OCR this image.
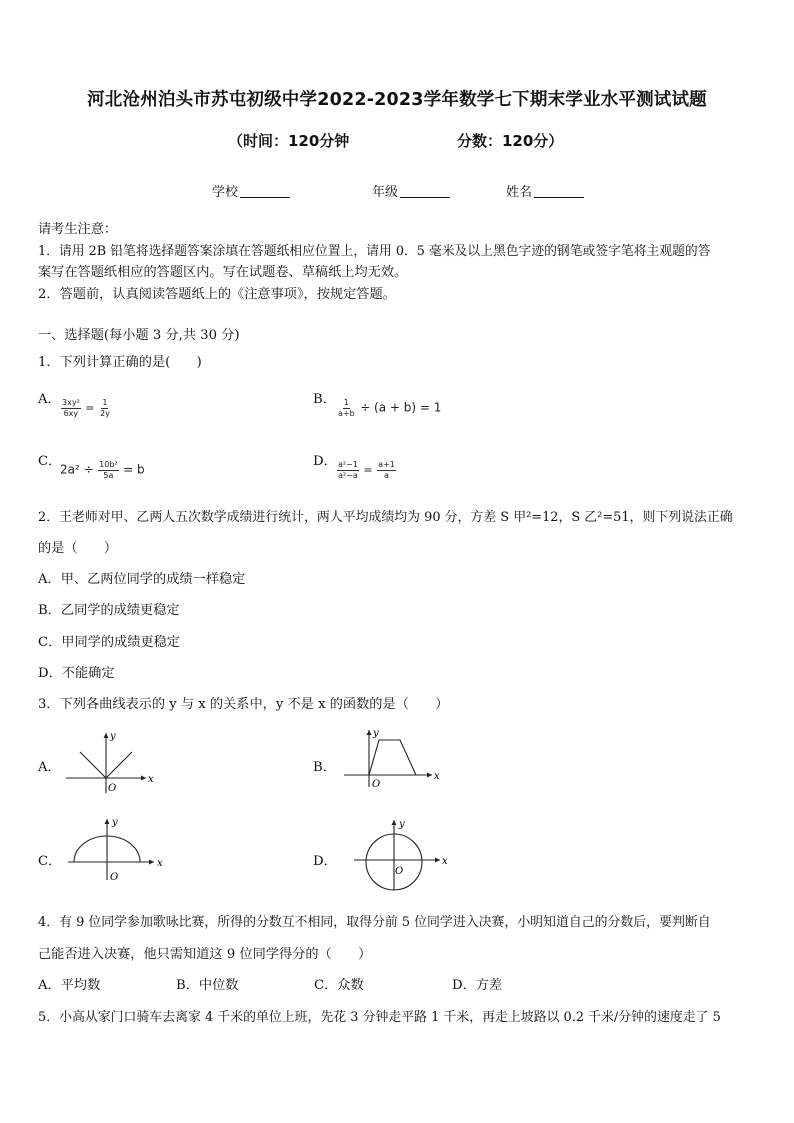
河北沧州泊头市苏屯初级中学2022-2023学年数学七下期末学业水平测试试题
（时间：120分钟	分数：120分）
学校	年级	姓名
请考生注意：
1．请用 2B 铅笔将选择题答案涂填在答题纸相应位置上，请用 0．5 毫米及以上黑色字迹的钢笔或签字笔将主观题的答
案写在答题纸相应的答题区内。写在试题卷、草稿纸上均无效。
2．答题前，认真阅读答题纸上的《注意事项》，按规定答题。
一、选择题(每小题 3 分,共 30 分)
1．下列计算正确的是(　　)
A． $\frac{\text{3xy²}}{6xy} = \frac{1}{2y}$	B． $\frac{1}{a+b} \div (a + b) = 1$
C．
$2a^2 \div \frac{\text{10b²}}{5a} = b$
D． $\frac{\text{a²−1}}{\text{a²−a}} = \frac{a+1}{a}$
2．王老师对甲、乙两人五次数学成绩进行统计，两人平均成绩均为 90 分，方差 S 甲²=12，S 乙²=51，则下列说法正确
的是（　　）
A．甲、乙两位同学的成绩一样稳定
B．乙同学的成绩更稳定
C．甲同学的成绩更稳定
D．不能确定
3．下列各曲线表示的 y 与 x 的关系中，y 不是 x 的函数的是（　　）
A．
x
y
O
B．
x
y
O
C．	x
y
O
D．	x
y
O
4．有 9 位同学参加歌咏比赛，所得的分数互不相同，取得分前 5 位同学进入决赛，小明知道自己的分数后，要判断自
己能否进入决赛，他只需知道这 9 位同学得分的（　　）
A．平均数	B．中位数	C．众数	D．方差
5．小高从家门口骑车去离家 4 千米的单位上班，先花 3 分钟走平路 1 千米，再走上坡路以 0.2 千米/分钟的速度走了 5
